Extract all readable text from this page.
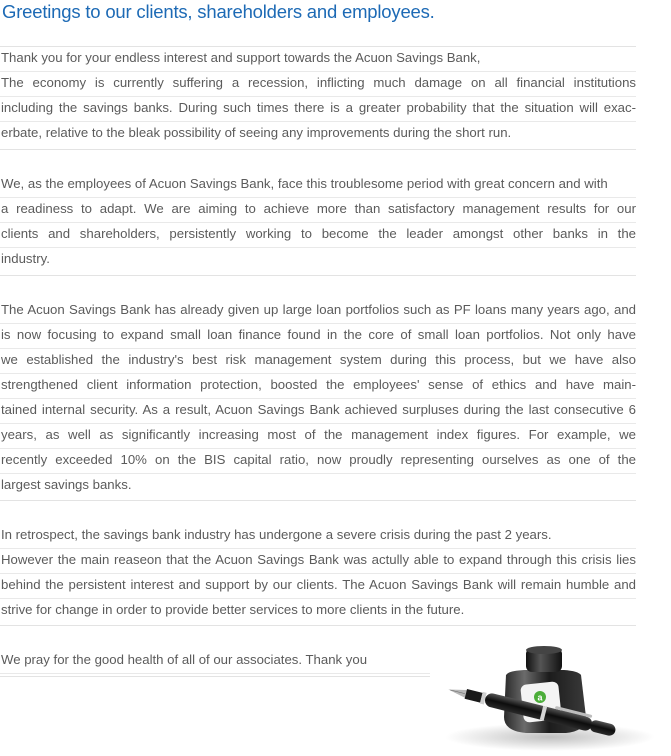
Greetings to our clients, shareholders and employees.
Thank you for your endless interest and support towards the Acuon Savings Bank,
The economy is currently suffering a recession, inflicting much damage on all financial institutions
including the savings banks. During such times there is a greater probability that the situation will exac-
erbate, relative to the bleak possibility of seeing any improvements during the short run.
We, as the employees of Acuon Savings Bank, face this troublesome period with great concern and with
a readiness to adapt. We are aiming to achieve more than satisfactory management results for our
clients and shareholders, persistently working to become the leader amongst other banks in the
industry.
The Acuon Savings Bank has already given up large loan portfolios such as PF loans many years ago, and
is now focusing to expand small loan finance found in the core of small loan portfolios. Not only have
we established the industry's best risk management system during this process, but we have also
strengthened client information protection, boosted the employees' sense of ethics and have main-
tained internal security. As a result, Acuon Savings Bank achieved surpluses during the last consecutive 6
years, as well as significantly increasing most of the management index figures. For example, we
recently exceeded 10% on the BIS capital ratio, now proudly representing ourselves as one of the
largest savings banks.
In retrospect, the savings bank industry has undergone a severe crisis during the past 2 years.
However the main reaseon that the Acuon Savings Bank was actully able to expand through this crisis lies
behind the persistent interest and support by our clients. The Acuon Savings Bank will remain humble and
strive for change in order to provide better services to more clients in the future.
We pray for the good health of all of our associates. Thank you
a
